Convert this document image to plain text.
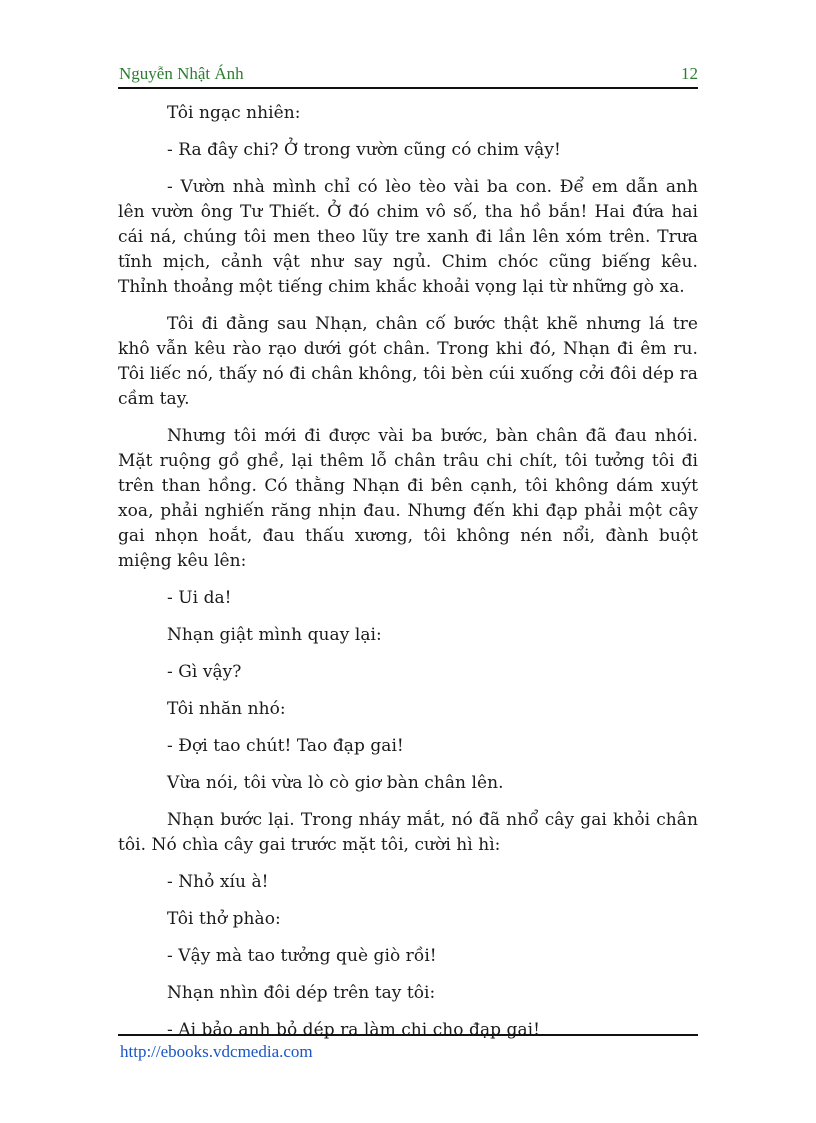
Nguyễn Nhật Ánh	12

Tôi ngạc nhiên:

- Ra đây chi? Ở trong vườn cũng có chim vậy!

- Vườn nhà mình chỉ có lèo tèo vài ba con. Để em dẫn anh lên vườn ông Tư Thiết. Ở đó chim vô số, tha hồ bắn! Hai đứa hai cái ná, chúng tôi men theo lũy tre xanh đi lần lên xóm trên. Trưa tĩnh mịch, cảnh vật như say ngủ. Chim chóc cũng biếng kêu. Thỉnh thoảng một tiếng chim khắc khoải vọng lại từ những gò xa.

Tôi đi đằng sau Nhạn, chân cố bước thật khẽ nhưng lá tre khô vẫn kêu rào rạo dưới gót chân. Trong khi đó, Nhạn đi êm ru. Tôi liếc nó, thấy nó đi chân không, tôi bèn cúi xuống cởi đôi dép ra cầm tay.

Nhưng tôi mới đi được vài ba bước, bàn chân đã đau nhói. Mặt ruộng gồ ghề, lại thêm lỗ chân trâu chi chít, tôi tưởng tôi đi trên than hồng. Có thằng Nhạn đi bên cạnh, tôi không dám xuýt xoa, phải nghiến răng nhịn đau. Nhưng đến khi đạp phải một cây gai nhọn hoắt, đau thấu xương, tôi không nén nổi, đành buột miệng kêu lên:

- Ui da!

Nhạn giật mình quay lại:

- Gì vậy?

Tôi nhăn nhó:

- Đợi tao chút! Tao đạp gai!

Vừa nói, tôi vừa lò cò giơ bàn chân lên.

Nhạn bước lại. Trong nháy mắt, nó đã nhổ cây gai khỏi chân tôi. Nó chìa cây gai trước mặt tôi, cười hì hì:

- Nhỏ xíu à!

Tôi thở phào:

- Vậy mà tao tưởng què giò rồi!

Nhạn nhìn đôi dép trên tay tôi:

- Ai bảo anh bỏ dép ra làm chi cho đạp gai!

http://ebooks.vdcmedia.com
